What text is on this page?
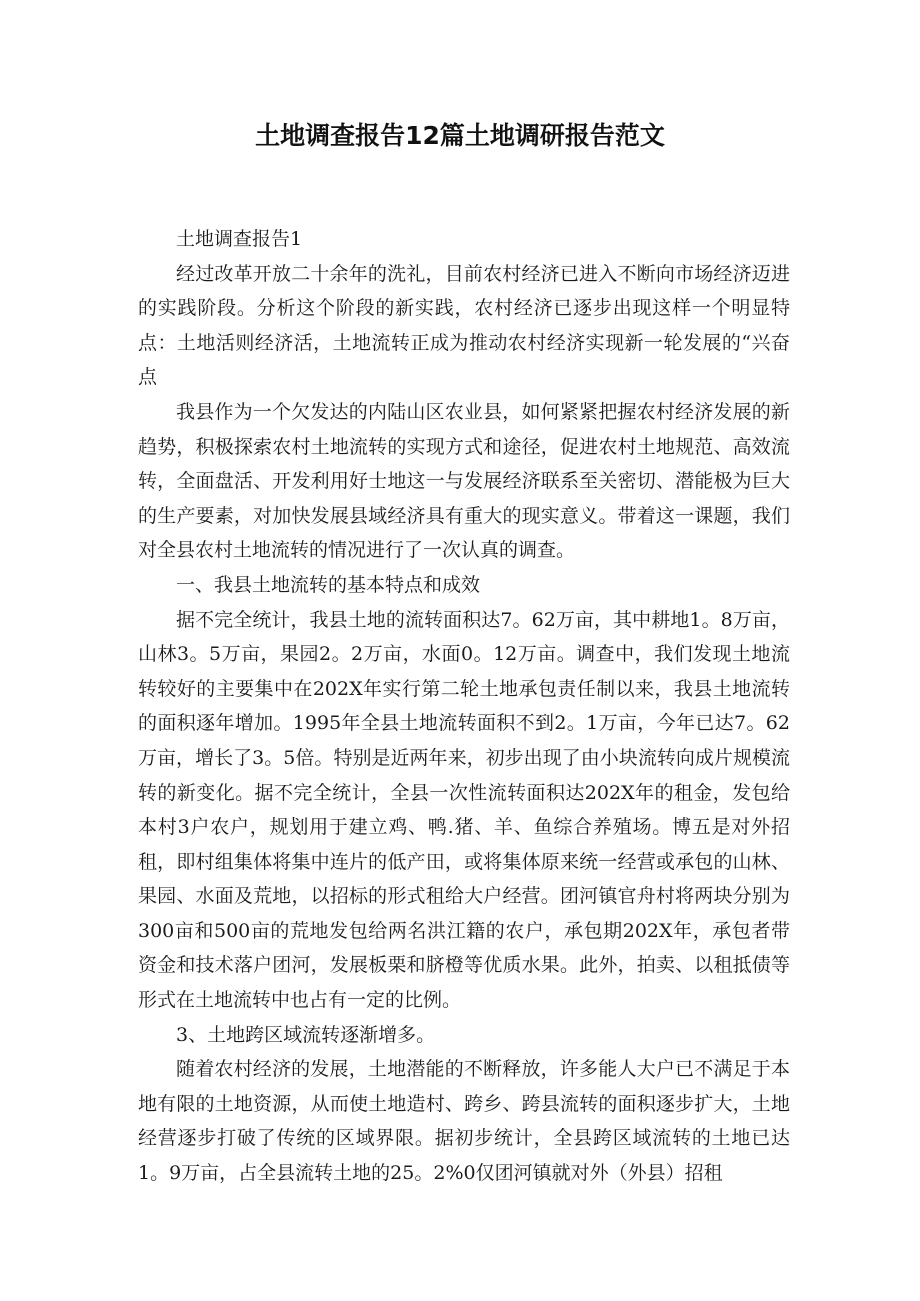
土地调查报告12篇土地调研报告范文

土地调查报告1

经过改革开放二十余年的洗礼，目前农村经济已进入不断向市场经济迈进的实践阶段。分析这个阶段的新实践，农村经济已逐步出现这样一个明显特点：土地活则经济活，土地流转正成为推动农村经济实现新一轮发展的“兴奋点

我县作为一个欠发达的内陆山区农业县，如何紧紧把握农村经济发展的新趋势，积极探索农村土地流转的实现方式和途径，促进农村土地规范、高效流转，全面盘活、开发利用好士地这一与发展经济联系至关密切、潜能极为巨大的生产要素，对加快发展县域经济具有重大的现实意义。带着这一课题，我们对全县农村土地流转的情况进行了一次认真的调查。

一、我县土地流转的基本特点和成效

据不完全统计，我县土地的流转面积达7。62万亩，其中耕地1。8万亩，山林3。5万亩，果园2。2万亩，水面0。12万亩。调查中，我们发现土地流转较好的主要集中在202X年实行第二轮土地承包责任制以来，我县土地流转的面积逐年增加。1995年全县土地流转面积不到2。1万亩，今年已达7。62万亩，增长了3。5倍。特别是近两年来，初步出现了由小块流转向成片规模流转的新变化。据不完全统计，全县一次性流转面积达202X年的租金，发包给本村3户农户，规划用于建立鸡、鸭.猪、羊、鱼综合养殖场。博五是对外招租，即村组集体将集中连片的低产田，或将集体原来统一经营或承包的山林、果园、水面及荒地，以招标的形式租给大户经营。团河镇官舟村将两块分别为300亩和500亩的荒地发包给两名洪江籍的农户，承包期202X年，承包者带资金和技术落户团河，发展板栗和脐橙等优质水果。此外，拍卖、以租抵债等形式在土地流转中也占有一定的比例。

3、土地跨区域流转逐渐增多。

随着农村经济的发展，土地潜能的不断释放，许多能人大户已不满足于本地有限的土地资源，从而使土地造村、跨乡、跨县流转的面积逐步扩大，土地经营逐步打破了传统的区域界限。据初步统计，全县跨区域流转的土地已达1。9万亩，占全县流转土地的25。2%0仅团河镇就对外（外县）招租
